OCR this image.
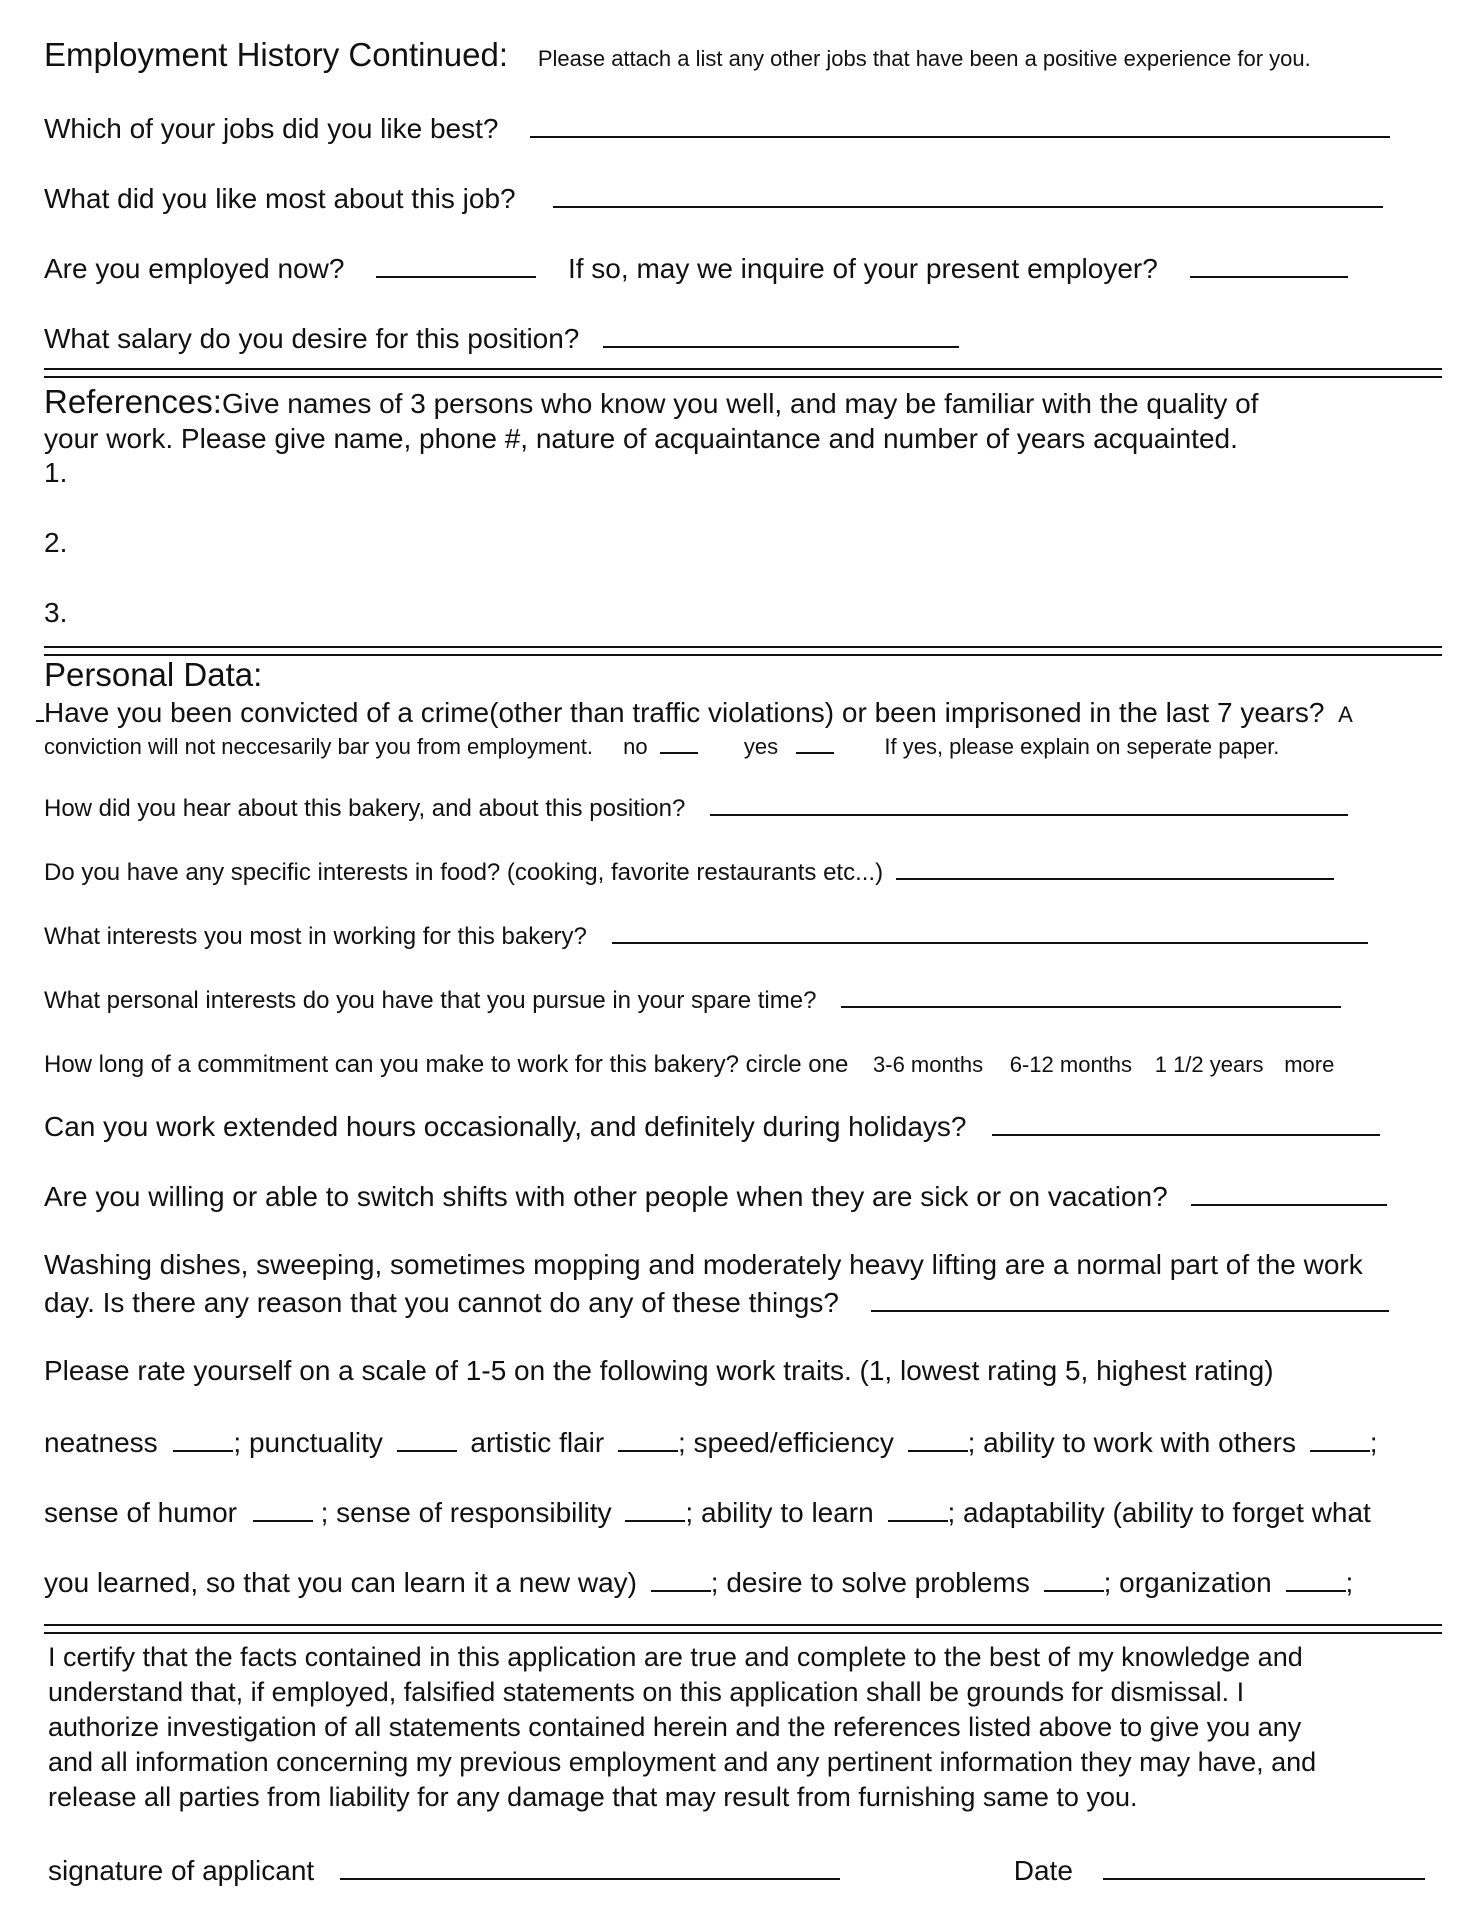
Employment History Continued: Please attach a list any other jobs that have been a positive experience for you.
Which of your jobs did you like best?
What did you like most about this job?
Are you employed now?	If so, may we inquire of your present employer?
What salary do you desire for this position?
References:Give names of 3 persons who know you well, and may be familiar with the quality of
your work. Please give name, phone #, nature of acquaintance and number of years acquainted.
1.
2.
3.
Personal Data:
Have you been convicted of a crime(other than traffic violations) or been imprisoned in the last 7 years? A
conviction will not neccesarily bar you from employment. no	yes	If yes, please explain on seperate paper.
How did you hear about this bakery, and about this position?
Do you have any specific interests in food? (cooking, favorite restaurants etc...)
What interests you most in working for this bakery?
What personal interests do you have that you pursue in your spare time?
How long of a commitment can you make to work for this bakery? circle one 3-6 months 6-12 months 1 1/2 years more
Can you work extended hours occasionally, and definitely during holidays?
Are you willing or able to switch shifts with other people when they are sick or on vacation?
Washing dishes, sweeping, sometimes mopping and moderately heavy lifting are a normal part of the work
day. Is there any reason that you cannot do any of these things?
Please rate yourself on a scale of 1-5 on the following work traits. (1, lowest rating 5, highest rating)
neatness	; punctuality	artistic flair	; speed/efficiency	; ability to work with others	;
sense of humor	; sense of responsibility	; ability to learn	; adaptability (ability to forget what
you learned, so that you can learn it a new way)	; desire to solve problems	; organization	;
I certify that the facts contained in this application are true and complete to the best of my knowledge and
understand that, if employed, falsified statements on this application shall be grounds for dismissal. I
authorize investigation of all statements contained herein and the references listed above to give you any
and all information concerning my previous employment and any pertinent information they may have, and
release all parties from liability for any damage that may result from furnishing same to you.
signature of applicant	Date
